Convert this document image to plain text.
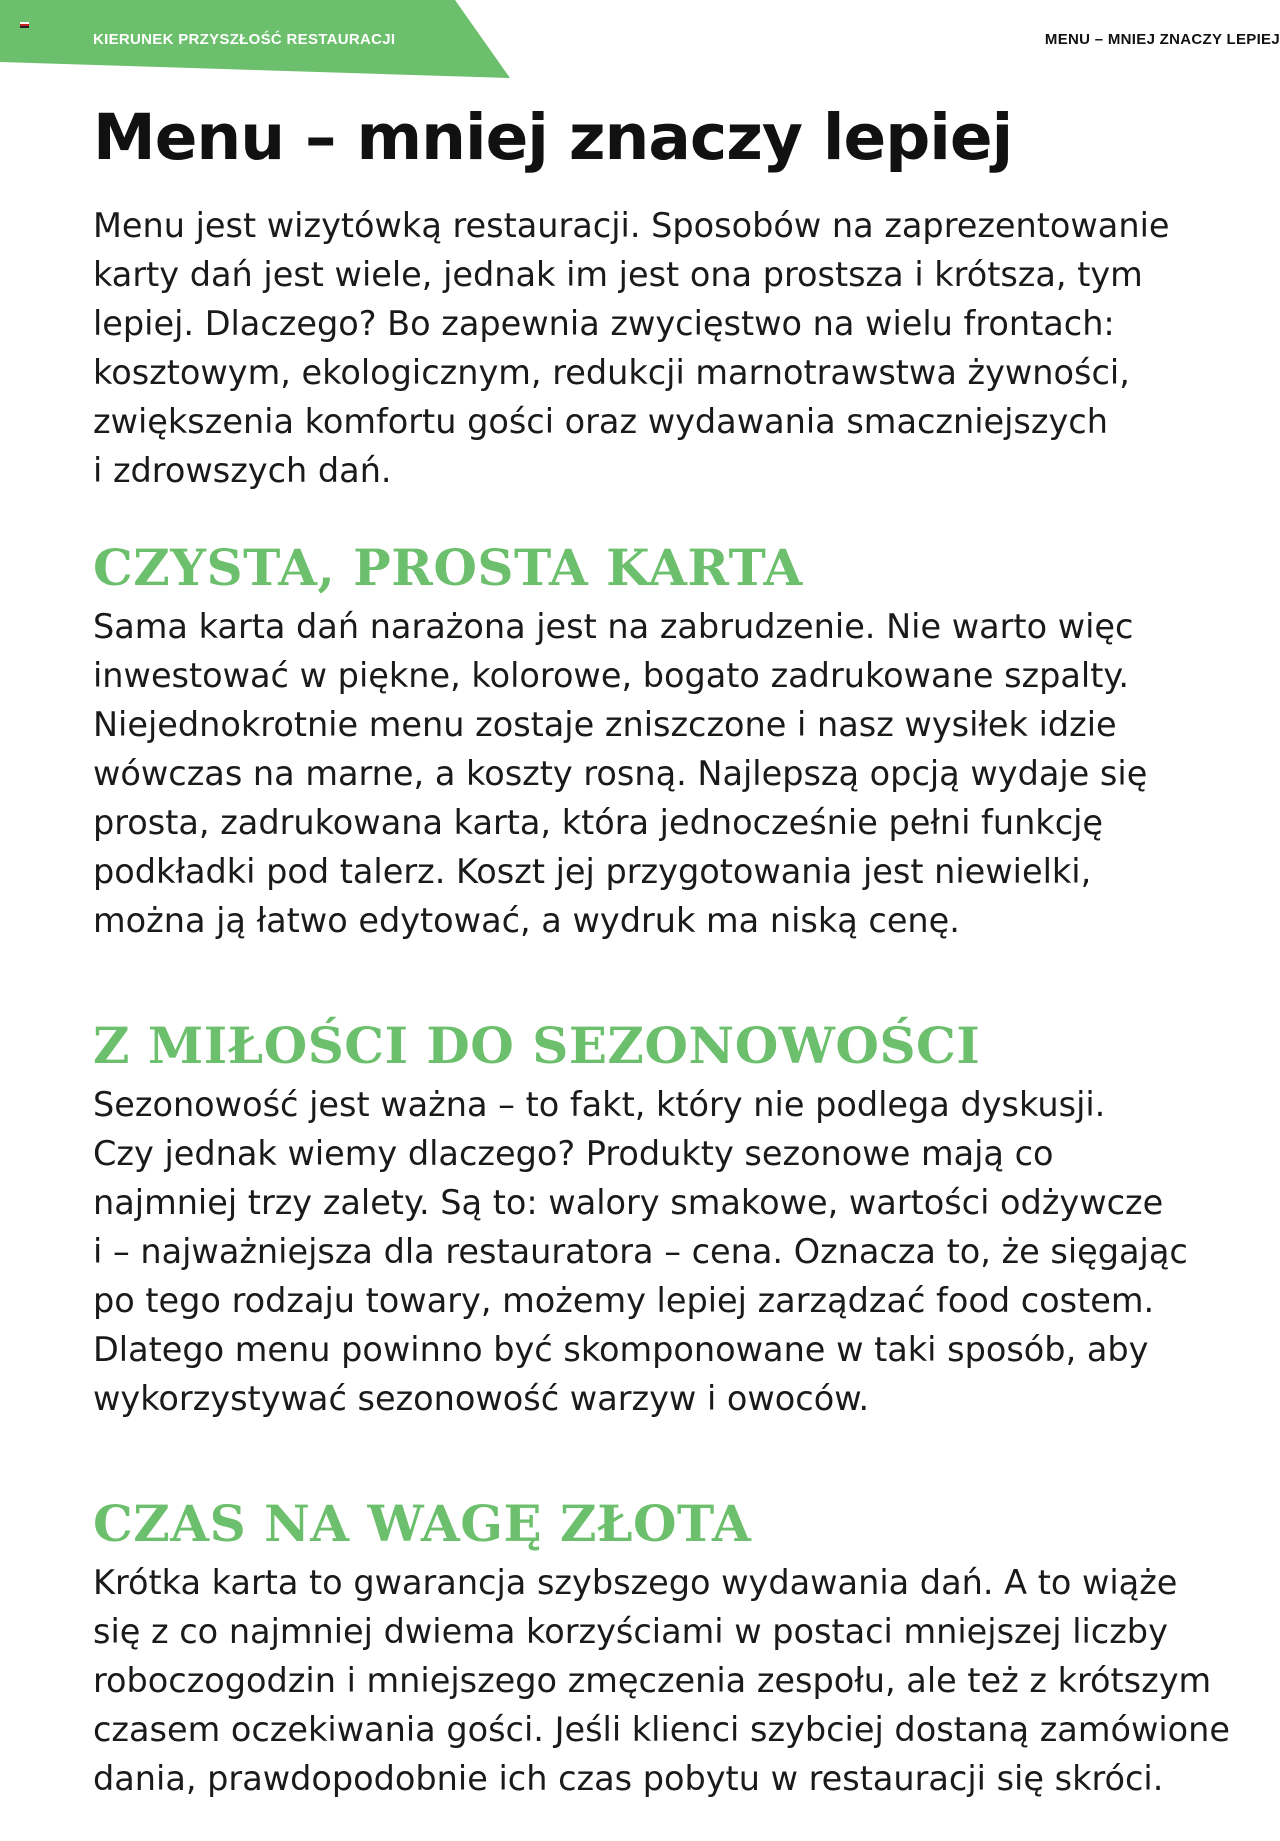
KIERUNEK PRZYSZŁOŚĆ RESTAURACJI	MENU – MNIEJ ZNACZY LEPIEJ
Menu – mniej znaczy lepiej

Menu jest wizytówką restauracji. Sposobów na zaprezentowanie
karty dań jest wiele, jednak im jest ona prostsza i krótsza, tym
lepiej. Dlaczego? Bo zapewnia zwycięstwo na wielu frontach:
kosztowym, ekologicznym, redukcji marnotrawstwa żywności,
zwiększenia komfortu gości oraz wydawania smaczniejszych
i zdrowszych dań.

CZYSTA, PROSTA KARTA

Sama karta dań narażona jest na zabrudzenie. Nie warto więc
inwestować w piękne, kolorowe, bogato zadrukowane szpalty.
Niejednokrotnie menu zostaje zniszczone i nasz wysiłek idzie
wówczas na marne, a koszty rosną. Najlepszą opcją wydaje się
prosta, zadrukowana karta, która jednocześnie pełni funkcję
podkładki pod talerz. Koszt jej przygotowania jest niewielki,
można ją łatwo edytować, a wydruk ma niską cenę.

Z MIŁOŚCI DO SEZONOWOŚCI

Sezonowość jest ważna – to fakt, który nie podlega dyskusji.
Czy jednak wiemy dlaczego? Produkty sezonowe mają co
najmniej trzy zalety. Są to: walory smakowe, wartości odżywcze
i – najważniejsza dla restauratora – cena. Oznacza to, że sięgając
po tego rodzaju towary, możemy lepiej zarządzać food costem.
Dlatego menu powinno być skomponowane w taki sposób, aby
wykorzystywać sezonowość warzyw i owoców.

CZAS NA WAGĘ ZŁOTA

Krótka karta to gwarancja szybszego wydawania dań. A to wiąże
się z co najmniej dwiema korzyściami w postaci mniejszej liczby
roboczogodzin i mniejszego zmęczenia zespołu, ale też z krótszym
czasem oczekiwania gości. Jeśli klienci szybciej dostaną zamówione
dania, prawdopodobnie ich czas pobytu w restauracji się skróci.
